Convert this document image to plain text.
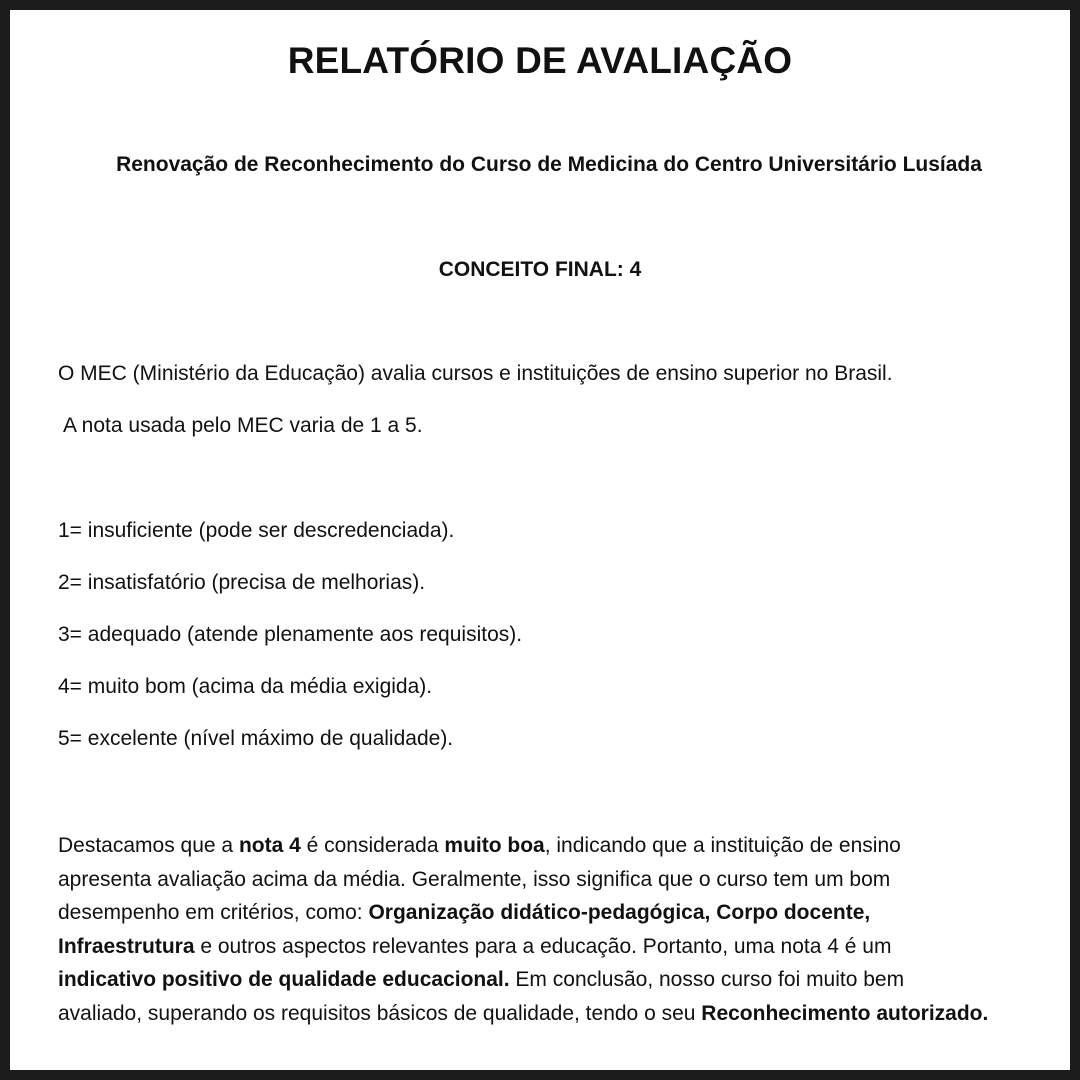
RELATÓRIO DE AVALIAÇÃO

Renovação de Reconhecimento do Curso de Medicina do Centro Universitário Lusíada

CONCEITO FINAL: 4

O MEC (Ministério da Educação) avalia cursos e instituições de ensino superior no Brasil.

A nota usada pelo MEC varia de 1 a 5.

1= insuficiente (pode ser descredenciada).
2= insatisfatório (precisa de melhorias).
3= adequado (atende plenamente aos requisitos).
4= muito bom (acima da média exigida).
5= excelente (nível máximo de qualidade).

Destacamos que a nota 4 é considerada muito boa, indicando que a instituição de ensino apresenta avaliação acima da média. Geralmente, isso significa que o curso tem um bom desempenho em critérios, como: Organização didático-pedagógica, Corpo docente, Infraestrutura e outros aspectos relevantes para a educação. Portanto, uma nota 4 é um indicativo positivo de qualidade educacional. Em conclusão, nosso curso foi muito bem avaliado, superando os requisitos básicos de qualidade, tendo o seu Reconhecimento autorizado.
